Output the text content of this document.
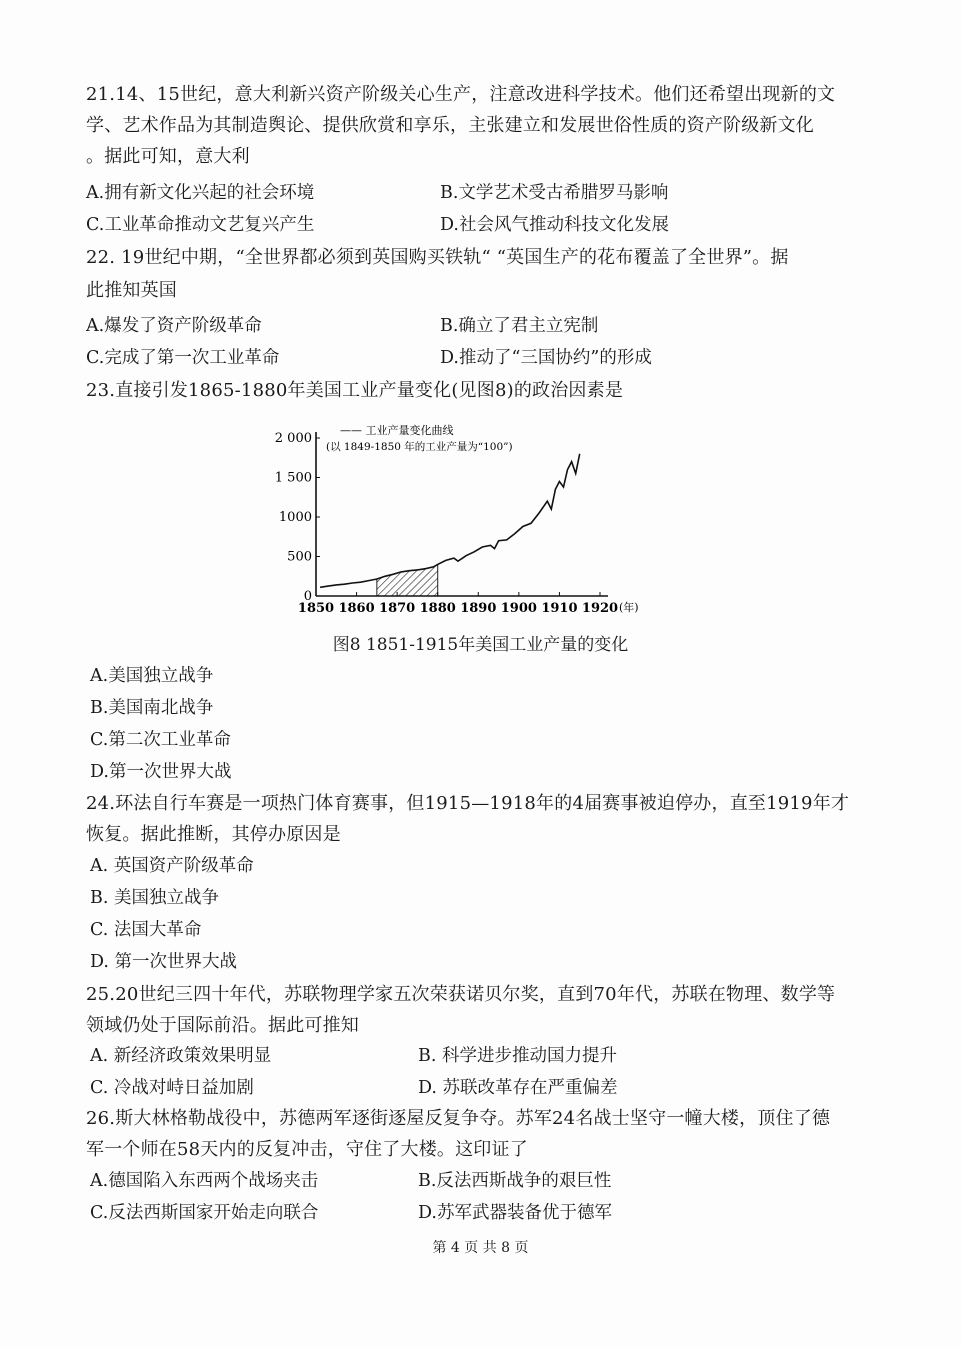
21.14、15世纪，意大利新兴资产阶级关心生产，注意改进科学技术。他们还希望出现新的文
学、艺术作品为其制造舆论、提供欣赏和享乐，主张建立和发展世俗性质的资产阶级新文化
。据此可知，意大利
A.拥有新文化兴起的社会环境	B.文学艺术受古希腊罗马影响
C.工业革命推动文艺复兴产生	D.社会风气推动科技文化发展
22. 19世纪中期，“全世界都必须到英国购买铁轨“ “英国生产的花布覆盖了全世界”。据
此推知英国
A.爆发了资产阶级革命	B.确立了君主立宪制
C.完成了第一次工业革命	D.推动了“三国协约”的形成
23.直接引发1865-1880年美国工业产量变化(见图8)的政治因素是
1850 1860 1870 1880 1890 1900 1910 1920
0
500
1000
1 500
2 000
—— 工业产量变化曲线
(以 1849-1850 年的工业产量为“100”)
(年)
图8 1851-1915年美国工业产量的变化
A.美国独立战争
B.美国南北战争
C.第二次工业革命
D.第一次世界大战
24.环法自行车赛是一项热门体育赛事，但1915—1918年的4届赛事被迫停办，直至1919年才
恢复。据此推断，其停办原因是
A. 英国资产阶级革命
B. 美国独立战争
C. 法国大革命
D. 第一次世界大战
25.20世纪三四十年代，苏联物理学家五次荣获诺贝尔奖，直到70年代，苏联在物理、数学等
领域仍处于国际前沿。据此可推知
A. 新经济政策效果明显	B. 科学进步推动国力提升
C. 冷战对峙日益加剧	D. 苏联改革存在严重偏差
26.斯大林格勒战役中，苏德两军逐街逐屋反复争夺。苏军24名战士坚守一幢大楼，顶住了德
军一个师在58天内的反复冲击，守住了大楼。这印证了
A.德国陷入东西两个战场夹击	B.反法西斯战争的艰巨性
C.反法西斯国家开始走向联合	D.苏军武器装备优于德军
第 4 页 共 8 页
